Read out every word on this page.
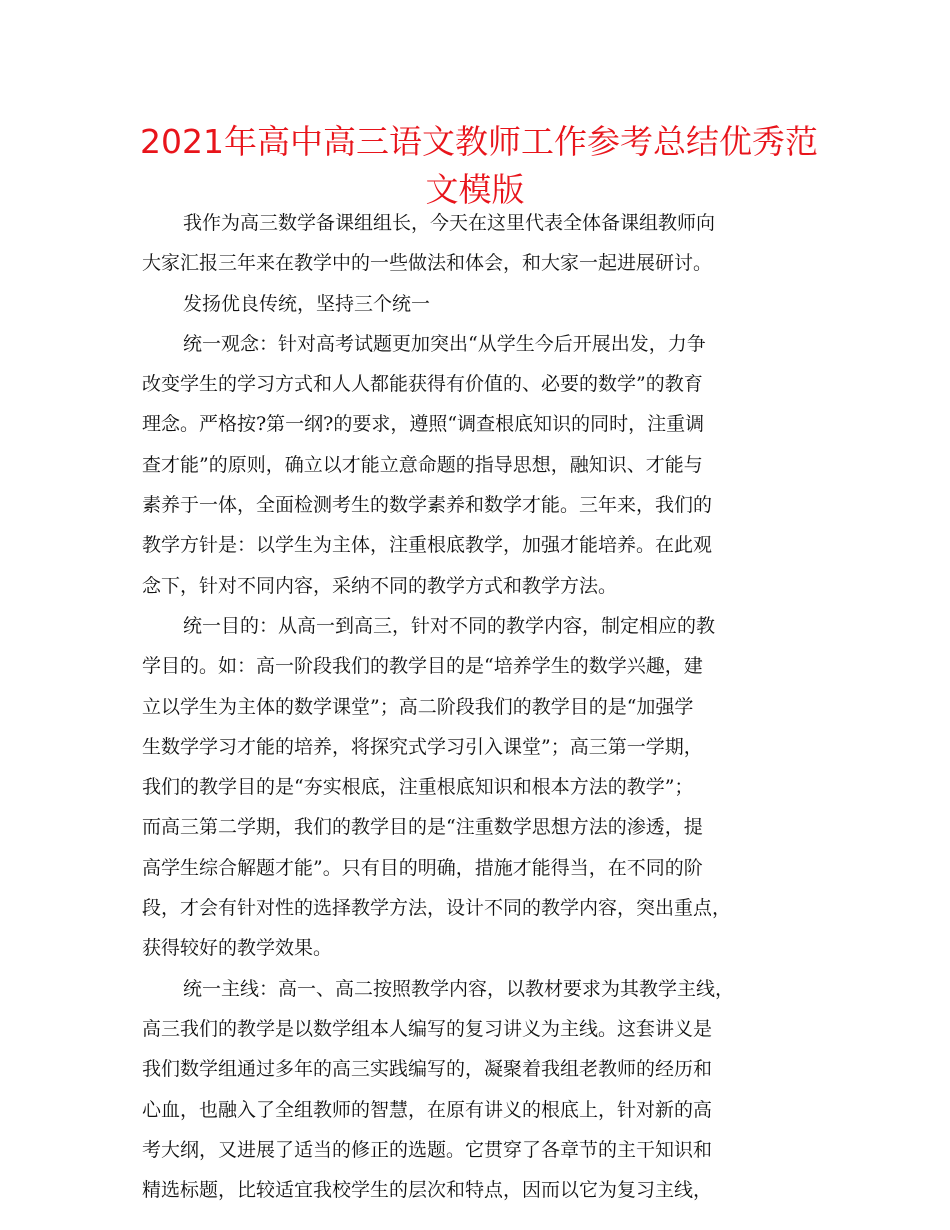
2021年高中高三语文教师工作参考总结优秀范
文模版
我作为高三数学备课组组长，今天在这里代表全体备课组教师向
大家汇报三年来在教学中的一些做法和体会，和大家一起进展研讨。
发扬优良传统，坚持三个统一
统一观念：针对高考试题更加突出“从学生今后开展出发，力争
改变学生的学习方式和人人都能获得有价值的、必要的数学”的教育
理念。严格按?第一纲?的要求，遵照“调查根底知识的同时，注重调
查才能”的原则，确立以才能立意命题的指导思想，融知识、才能与
素养于一体，全面检测考生的数学素养和数学才能。三年来，我们的
教学方针是：以学生为主体，注重根底教学，加强才能培养。在此观
念下，针对不同内容，采纳不同的教学方式和教学方法。
统一目的：从高一到高三，针对不同的教学内容，制定相应的教
学目的。如：高一阶段我们的教学目的是“培养学生的数学兴趣，建
立以学生为主体的数学课堂”；高二阶段我们的教学目的是“加强学
生数学学习才能的培养，将探究式学习引入课堂”；高三第一学期，
我们的教学目的是“夯实根底，注重根底知识和根本方法的教学”；
而高三第二学期，我们的教学目的是“注重数学思想方法的渗透，提
高学生综合解题才能”。只有目的明确，措施才能得当，在不同的阶
段，才会有针对性的选择教学方法，设计不同的教学内容，突出重点，
获得较好的教学效果。
统一主线：高一、高二按照教学内容，以教材要求为其教学主线，
高三我们的教学是以数学组本人编写的复习讲义为主线。这套讲义是
我们数学组通过多年的高三实践编写的，凝聚着我组老教师的经历和
心血，也融入了全组教师的智慧，在原有讲义的根底上，针对新的高
考大纲，又进展了适当的修正的选题。它贯穿了各章节的主干知识和
精选标题，比较适宜我校学生的层次和特点，因而以它为复习主线，
